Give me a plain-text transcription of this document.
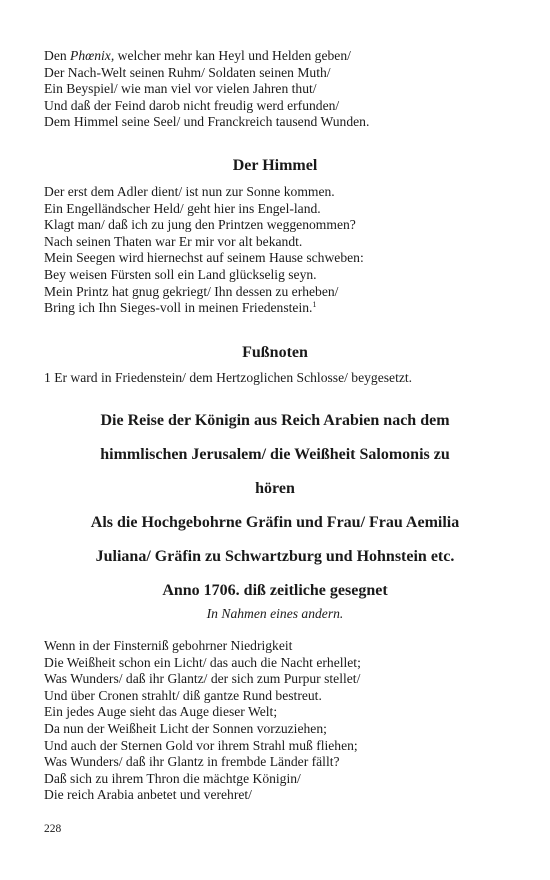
Den Phœnix, welcher mehr kan Heyl und Helden geben/
Der Nach-Welt seinen Ruhm/ Soldaten seinen Muth/
Ein Beyspiel/ wie man viel vor vielen Jahren thut/
Und daß der Feind darob nicht freudig werd erfunden/
Dem Himmel seine Seel/ und Franckreich tausend Wunden.
Der Himmel
Der erst dem Adler dient/ ist nun zur Sonne kommen.
Ein Engelländscher Held/ geht hier ins Engel-land.
Klagt man/ daß ich zu jung den Printzen weggenommen?
Nach seinen Thaten war Er mir vor alt bekandt.
Mein Seegen wird hiernechst auf seinem Hause schweben:
Bey weisen Fürsten soll ein Land glückselig seyn.
Mein Printz hat gnug gekriegt/ Ihn dessen zu erheben/
Bring ich Ihn Sieges-voll in meinen Friedenstein.$^1$
Fußnoten

1 Er ward in Friedenstein/ dem Hertzoglichen Schlosse/ beygesetzt.

Die Reise der Königin aus Reich Arabien nach dem
himmlischen Jerusalem/ die Weißheit Salomonis zu
hören
Als die Hochgebohrne Gräfin und Frau/ Frau Aemilia
Juliana/ Gräfin zu Schwartzburg und Hohnstein etc.
Anno 1706. diß zeitliche gesegnet

In Nahmen eines andern.

Wenn in der Finsterniß gebohrner Niedrigkeit
Die Weißheit schon ein Licht/ das auch die Nacht erhellet;
Was Wunders/ daß ihr Glantz/ der sich zum Purpur stellet/
Und über Cronen strahlt/ diß gantze Rund bestreut.
Ein jedes Auge sieht das Auge dieser Welt;
Da nun der Weißheit Licht der Sonnen vorzuziehen;
Und auch der Sternen Gold vor ihrem Strahl muß fliehen;
Was Wunders/ daß ihr Glantz in frembde Länder fällt?
Daß sich zu ihrem Thron die mächtge Königin/
Die reich Arabia anbetet und verehret/

228
